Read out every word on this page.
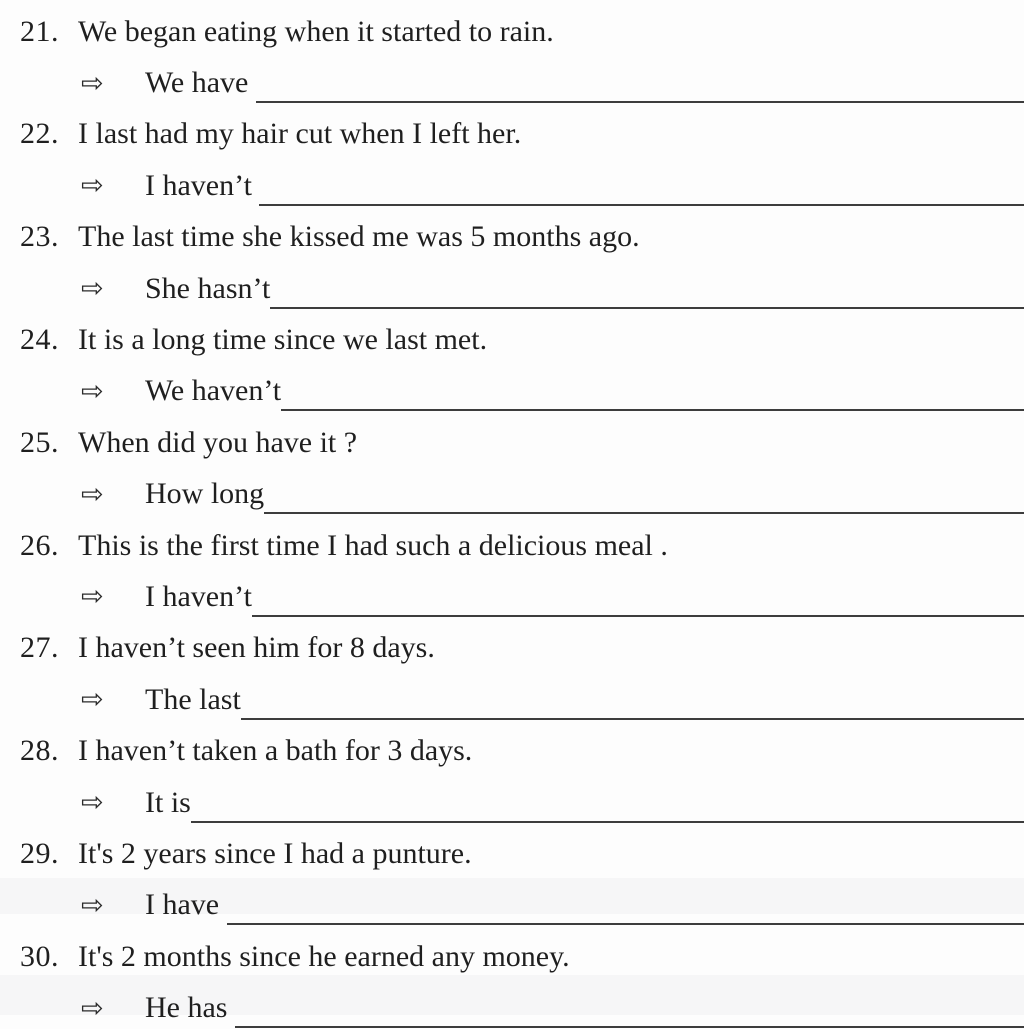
21. We began eating when it started to rain.
⇨	We have
22. I last had my hair cut when I left her.
⇨	I haven’t
23. The last time she kissed me was 5 months ago.
⇨	She hasn’t
24. It is a long time since we last met.
⇨	We haven’t
25. When did you have it ?
⇨	How long
26. This is the first time I had such a delicious meal .
⇨	I haven’t
27. I haven’t seen him for 8 days.
⇨	The last
28. I haven’t taken a bath for 3 days.
⇨	It is
29. It's 2 years since I had a punture.
⇨	I have
30. It's 2 months since he earned any money.
⇨	He has
